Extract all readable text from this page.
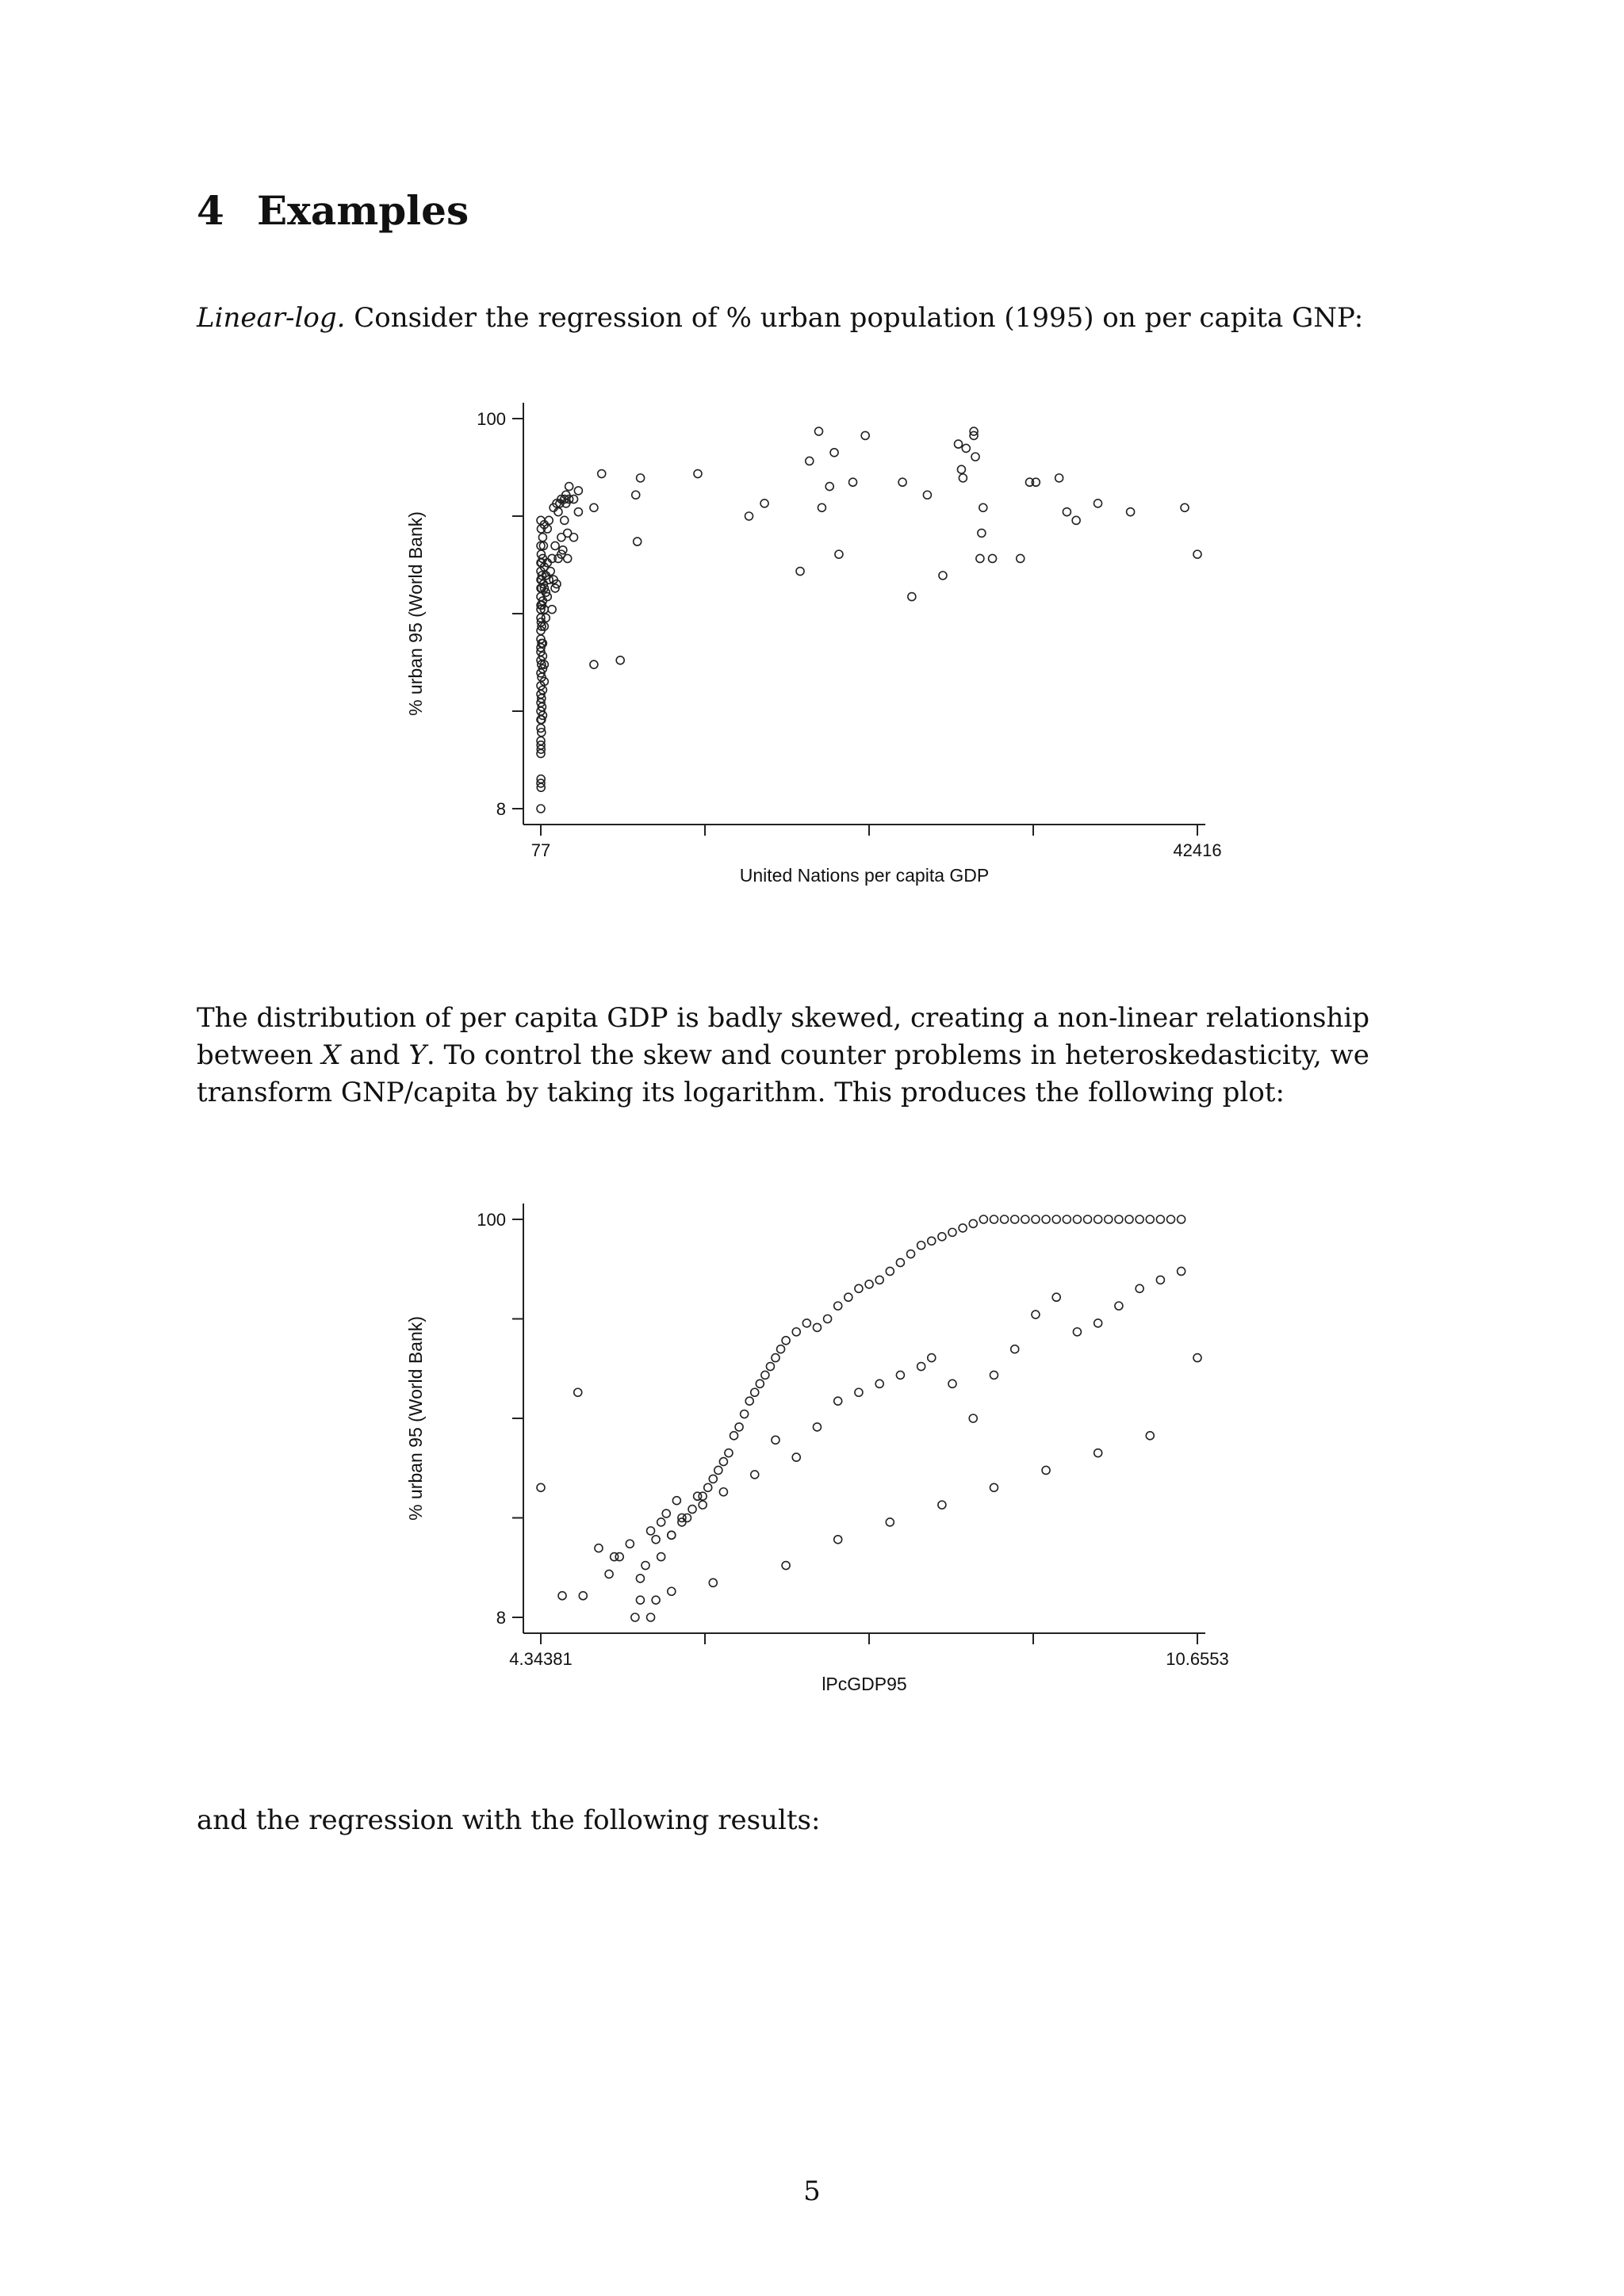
4 Examples

Linear-log. Consider the regression of % urban population (1995) on per capita GNP:

100
8
77	42416
United Nations per capita GDP
% urban 95 (World Bank)

The distribution of per capita GDP is badly skewed, creating a non-linear relationship between X and Y. To control the skew and counter problems in heteroskedasticity, we transform GNP/capita by taking its logarithm. This produces the following plot:

100
8
4.34381	10.6553
lPcGDP95
% urban 95 (World Bank)

and the regression with the following results:

5
